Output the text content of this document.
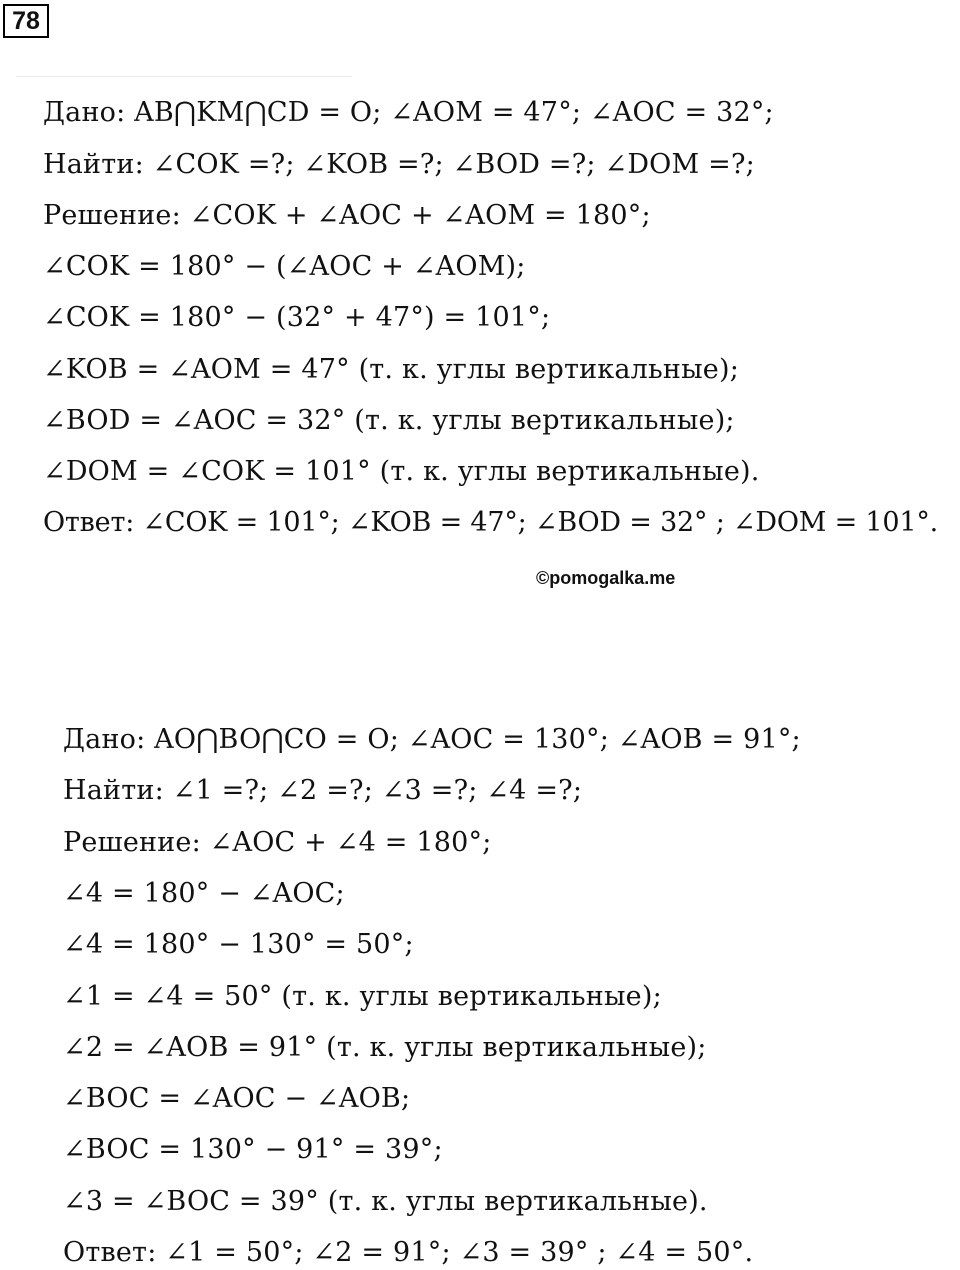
78
Дано: AB⋂KM⋂CD = O; ∠AOM = 47°; ∠AOC = 32°;
Найти: ∠COK =?; ∠KOB =?; ∠BOD =?; ∠DOM =?;
Решение: ∠COK + ∠AOC + ∠AOM = 180°;
∠COK = 180° − (∠AOC + ∠AOM);
∠COK = 180° − (32° + 47°) = 101°;
∠KOB = ∠AOM = 47° (т. к. углы вертикальные);
∠BOD = ∠AOC = 32° (т. к. углы вертикальные);
∠DOM = ∠COK = 101° (т. к. углы вертикальные).
Ответ: ∠COK = 101°; ∠KOB = 47°; ∠BOD = 32° ; ∠DOM = 101°.
©pomogalka.me
Дано: AO⋂BO⋂CO = O; ∠AOC = 130°; ∠AOB = 91°;
Найти: ∠1 =?; ∠2 =?; ∠3 =?; ∠4 =?;
Решение: ∠AOC + ∠4 = 180°;
∠4 = 180° − ∠AOC;
∠4 = 180° − 130° = 50°;
∠1 = ∠4 = 50° (т. к. углы вертикальные);
∠2 = ∠AOB = 91° (т. к. углы вертикальные);
∠BOC = ∠AOC − ∠AOB;
∠BOC = 130° − 91° = 39°;
∠3 = ∠BOC = 39° (т. к. углы вертикальные).
Ответ: ∠1 = 50°; ∠2 = 91°; ∠3 = 39° ; ∠4 = 50°.
